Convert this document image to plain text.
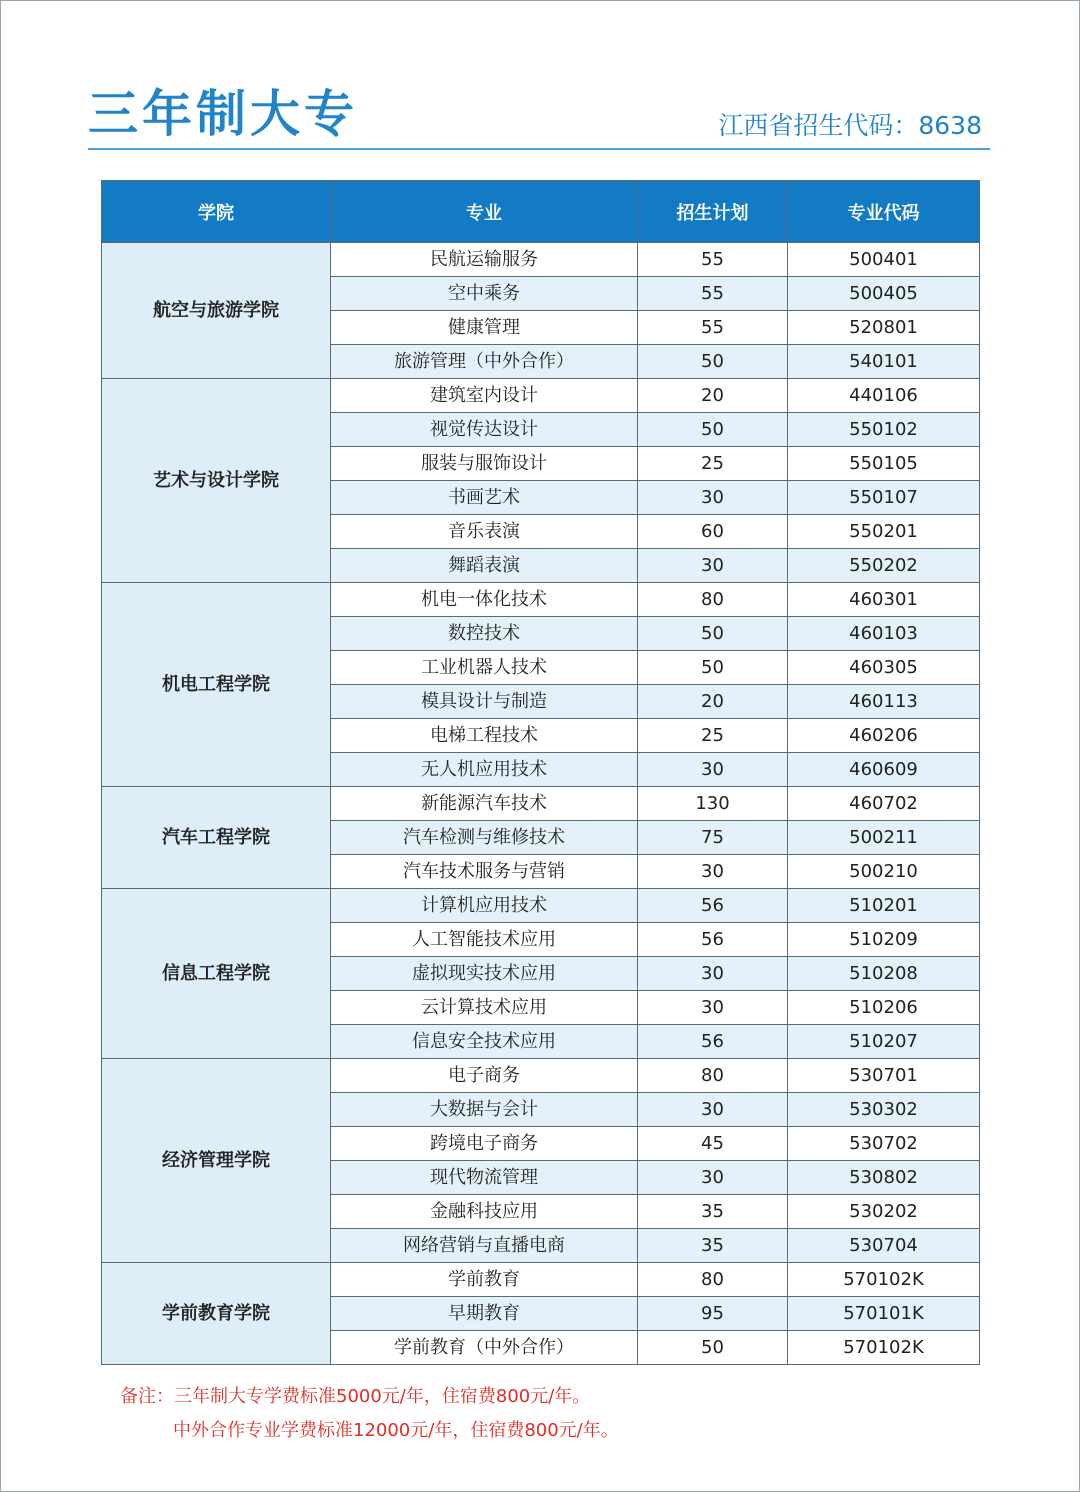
三年制大专	江西省招生代码：8638
学院	专业	招生计划	专业代码
航空与旅游学院	民航运输服务	55	500401
	空中乘务	55	500405
	健康管理	55	520801
	旅游管理（中外合作）	50	540101
艺术与设计学院	建筑室内设计	20	440106
	视觉传达设计	50	550102
	服装与服饰设计	25	550105
	书画艺术	30	550107
	音乐表演	60	550201
	舞蹈表演	30	550202
机电工程学院	机电一体化技术	80	460301
	数控技术	50	460103
	工业机器人技术	50	460305
	模具设计与制造	20	460113
	电梯工程技术	25	460206
	无人机应用技术	30	460609
汽车工程学院	新能源汽车技术	130	460702
	汽车检测与维修技术	75	500211
	汽车技术服务与营销	30	500210
信息工程学院	计算机应用技术	56	510201
	人工智能技术应用	56	510209
	虚拟现实技术应用	30	510208
	云计算技术应用	30	510206
	信息安全技术应用	56	510207
经济管理学院	电子商务	80	530701
	大数据与会计	30	530302
	跨境电子商务	45	530702
	现代物流管理	30	530802
	金融科技应用	35	530202
	网络营销与直播电商	35	530704
学前教育学院	学前教育	80	570102K
	早期教育	95	570101K
	学前教育（中外合作）	50	570102K
备注：三年制大专学费标准5000元/年，住宿费800元/年。
中外合作专业学费标准12000元/年，住宿费800元/年。
